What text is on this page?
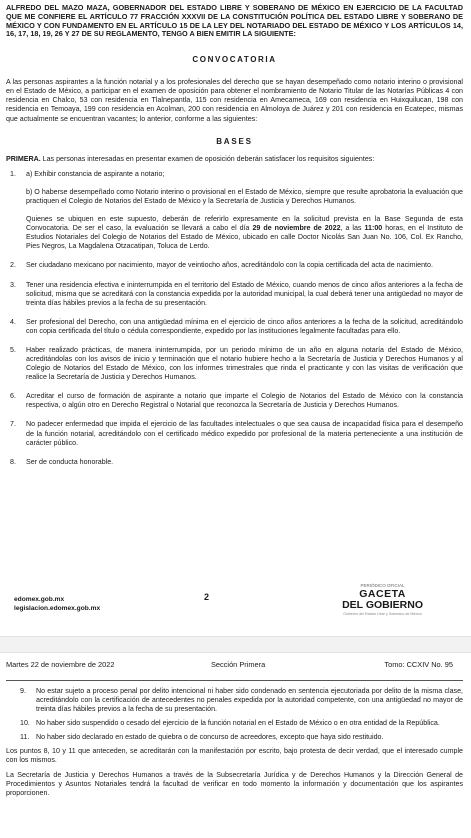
ALFREDO DEL MAZO MAZA, GOBERNADOR DEL ESTADO LIBRE Y SOBERANO DE MÉXICO EN EJERCICIO DE LA FACULTAD QUE ME CONFIERE EL ARTÍCULO 77 FRACCIÓN XXXVII DE LA CONSTITUCIÓN POLÍTICA DEL ESTADO LIBRE Y SOBERANO DE MÉXICO Y CON FUNDAMENTO EN EL ARTÍCULO 15 DE LA LEY DEL NOTARIADO DEL ESTADO DE MÉXICO Y LOS ARTÍCULOS 14, 16, 17, 18, 19, 26 Y 27 DE SU REGLAMENTO, TENGO A BIEN EMITIR LA SIGUIENTE:

CONVOCATORIA

A las personas aspirantes a la función notarial y a los profesionales del derecho que se hayan desempeñado como notario interino o provisional en el Estado de México, a participar en el examen de oposición para obtener el nombramiento de Notario Titular de las Notarías Públicas 4 con residencia en Chalco, 53 con residencia en Tlalnepantla, 115 con residencia en Amecameca, 169 con residencia en Huixquilucan, 198 con residencia en Temoaya, 199 con residencia en Acolman, 200 con residencia en Almoloya de Juárez y 201 con residencia en Ecatepec, mismas que actualmente se encuentran vacantes; lo anterior, conforme a las siguientes:

BASES

PRIMERA. Las personas interesadas en presentar examen de oposición deberán satisfacer los requisitos siguientes:

1.	a) Exhibir constancia de aspirante a notario;

b) O haberse desempeñado como Notario interino o provisional en el Estado de México, siempre que resulte aprobatoria la evaluación que practiquen el Colegio de Notarios del Estado de México y la Secretaría de Justicia y Derechos Humanos.

Quienes se ubiquen en este supuesto, deberán de referirlo expresamente en la solicitud prevista en la Base Segunda de esta Convocatoria. De ser el caso, la evaluación se llevará a cabo el día 29 de noviembre de 2022, a las 11:00 horas, en el Instituto de Estudios Notariales del Colegio de Notarios del Estado de México, ubicado en calle Doctor Nicolás San Juan No. 106, Col. Ex Rancho, Pies Negros, La Magdalena Otzacatipan, Toluca de Lerdo.

2.	Ser ciudadano mexicano por nacimiento, mayor de veintiocho años, acreditándolo con la copia certificada del acta de nacimiento.
3.	Tener una residencia efectiva e ininterrumpida en el territorio del Estado de México, cuando menos de cinco años anteriores a la fecha de solicitud, misma que se acreditará con la constancia expedida por la autoridad municipal, la cual deberá tener una antigüedad no mayor de treinta días hábiles previos a la fecha de su presentación.
4.	Ser profesional del Derecho, con una antigüedad mínima en el ejercicio de cinco años anteriores a la fecha de la solicitud, acreditándolo con copia certificada del título o cédula correspondiente, expedido por las instituciones legalmente facultadas para ello.
5.	Haber realizado prácticas, de manera ininterrumpida, por un periodo mínimo de un año en alguna notaría del Estado de México, acreditándolas con los avisos de inicio y terminación que el notario hubiere hecho a la Secretaría de Justicia y Derechos Humanos y al Colegio de Notarios del Estado de México, con los informes trimestrales que rinda el practicante y con las visitas de verificación que realice la Secretaría de Justicia y Derechos Humanos.
6.	Acreditar el curso de formación de aspirante a notario que imparte el Colegio de Notarios del Estado de México con la constancia respectiva, o algún otro en Derecho Registral o Notarial que reconozca la Secretaría de Justicia y Derechos Humanos.
7.	No padecer enfermedad que impida el ejercicio de las facultades intelectuales o que sea causa de incapacidad física para el desempeño de la función notarial, acreditándolo con el certificado médico expedido por profesional de la materia perteneciente a una institución de carácter público.
8.	Ser de conducta honorable.
edomex.gob.mx
legislacion.edomex.gob.mx
2
PERIÓDICO OFICIAL
GACETA
DEL GOBIERNO
Gobierno del Estado Libre y Soberano de México
Martes 22 de noviembre de 2022	Sección Primera	Tomo: CCXIV No. 95
9.	No estar sujeto a proceso penal por delito intencional ni haber sido condenado en sentencia ejecutoriada por delito de la misma clase, acreditándolo con la certificación de antecedentes no penales expedida por la autoridad competente, con una antigüedad no mayor de treinta días hábiles previos a la fecha de su presentación.
10. No haber sido suspendido o cesado del ejercicio de la función notarial en el Estado de México o en otra entidad de la República.
11. No haber sido declarado en estado de quiebra o de concurso de acreedores, excepto que haya sido restituido.

Los puntos 8, 10 y 11 que anteceden, se acreditarán con la manifestación por escrito, bajo protesta de decir verdad, que el interesado cumple con los mismos.

La Secretaría de Justicia y Derechos Humanos a través de la Subsecretaría Jurídica y de Derechos Humanos y la Dirección General de Procedimientos y Asuntos Notariales tendrá la facultad de verificar en todo momento la información y documentación que los aspirantes proporcionen.
